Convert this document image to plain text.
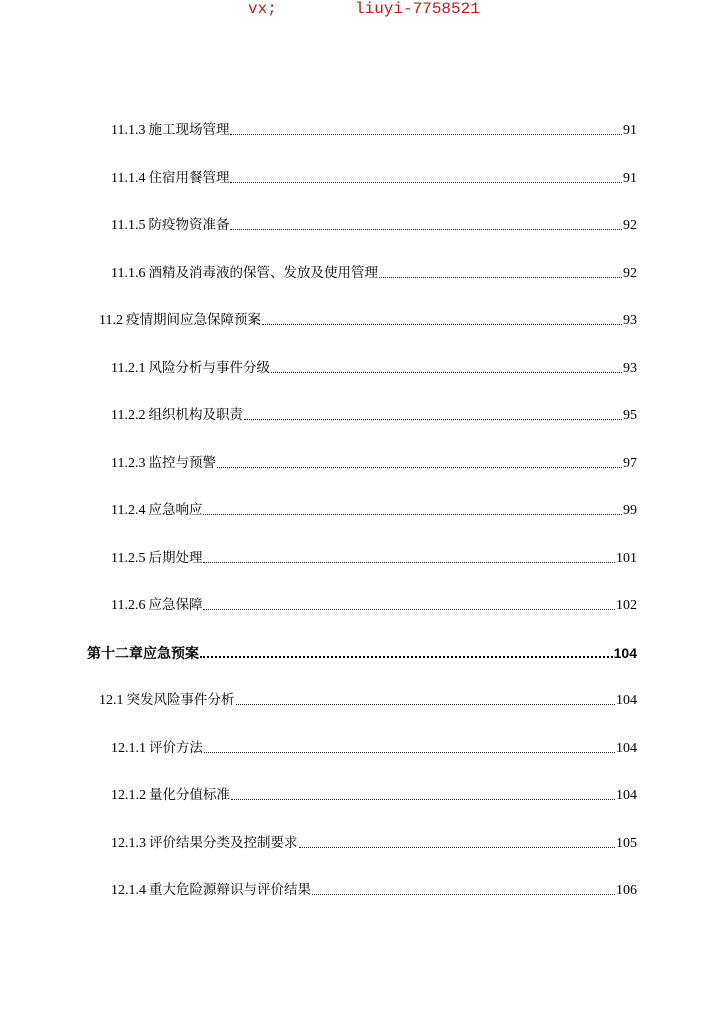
vx;	liuyi-7758521
11.1.3 施工现场管理	91
11.1.4 住宿用餐管理	91
11.1.5 防疫物资准备	92
11.1.6 酒精及消毒液的保管、发放及使用管理	92
11.2 疫情期间应急保障预案	93
11.2.1 风险分析与事件分级	93
11.2.2 组织机构及职责	95
11.2.3 监控与预警	97
11.2.4 应急响应	99
11.2.5 后期处理	101
11.2.6 应急保障	102
第十二章 应急预案	104
12.1 突发风险事件分析	104
12.1.1 评价方法	104
12.1.2 量化分值标准	104
12.1.3 评价结果分类及控制要求	105
12.1.4 重大危险源辩识与评价结果	106
